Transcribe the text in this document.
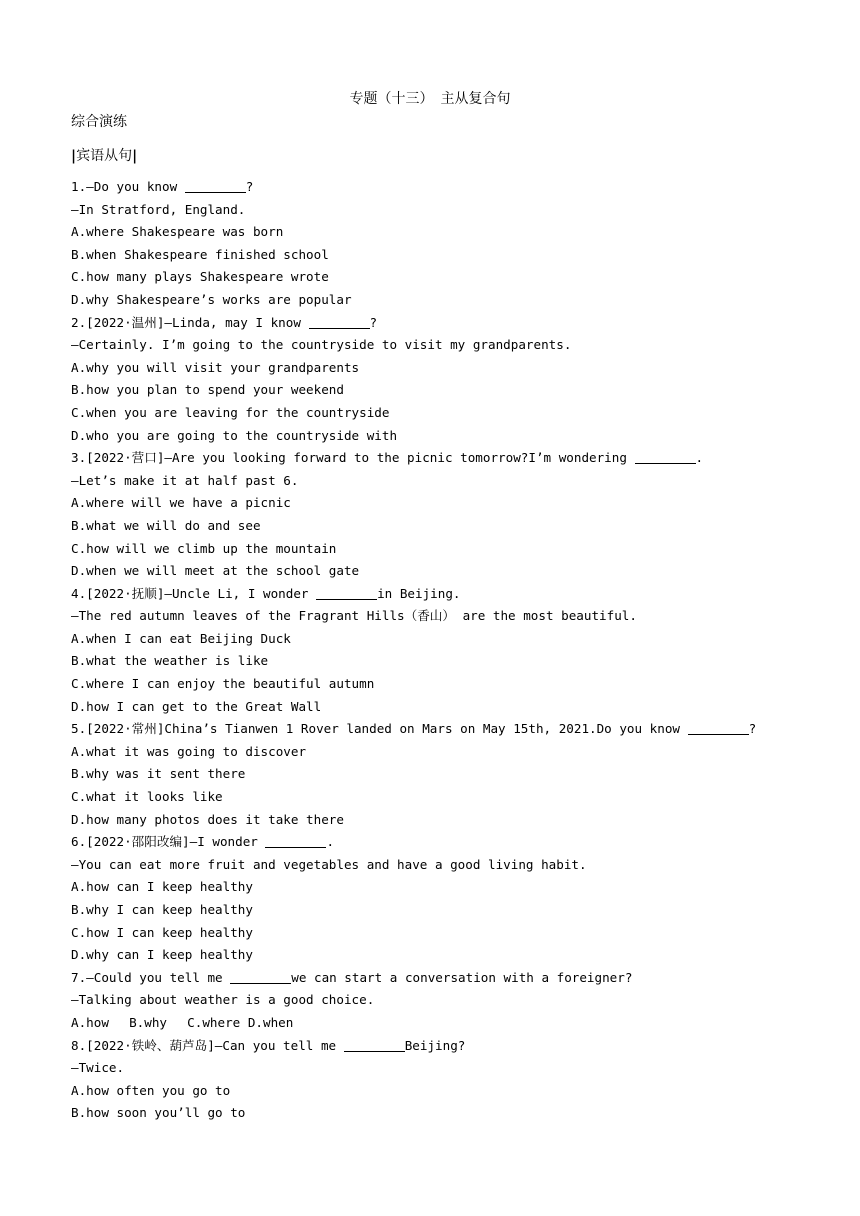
专题（十三）　主从复合句
综合演练
|宾语从句|
1.—Do you know	?
—In Stratford, England.
A.where Shakespeare was born
B.when Shakespeare finished school
C.how many plays Shakespeare wrote
D.why Shakespeare’s works are popular
2.[2022·温州]—Linda, may I know	?
—Certainly. I’m going to the countryside to visit my grandparents.
A.why you will visit your grandparents
B.how you plan to spend your weekend
C.when you are leaving for the countryside
D.who you are going to the countryside with
3.[2022·营口]—Are you looking forward to the picnic tomorrow?I’m wondering	.
—Let’s make it at half past 6.
A.where will we have a picnic
B.what we will do and see
C.how will we climb up the mountain
D.when we will meet at the school gate
4.[2022·抚顺]—Uncle Li, I wonder	in Beijing.
—The red autumn leaves of the Fragrant Hills（香山） are the most beautiful.
A.when I can eat Beijing Duck
B.what the weather is like
C.where I can enjoy the beautiful autumn
D.how I can get to the Great Wall
5.[2022·常州]China’s Tianwen 1 Rover landed on Mars on May 15th, 2021.Do you know	?
A.what it was going to discover
B.why was it sent there
C.what it looks like
D.how many photos does it take there
6.[2022·邵阳改编]—I wonder	.
—You can eat more fruit and vegetables and have a good living habit.
A.how can I keep healthy
B.why I can keep healthy
C.how I can keep healthy
D.why can I keep healthy
7.—Could you tell me	we can start a conversation with a foreigner?
—Talking about weather is a good choice.
A.how　 B.why　 C.where D.when
8.[2022·铁岭、葫芦岛]—Can you tell me	Beijing?
—Twice.
A.how often you go to
B.how soon you’ll go to
